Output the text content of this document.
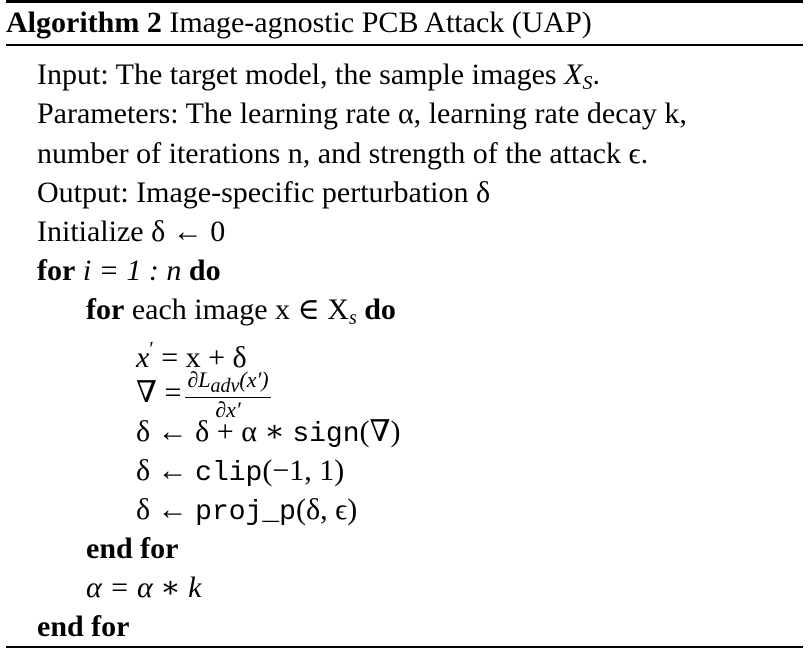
Algorithm 2 Image-agnostic PCB Attack (UAP)
Input: The target model, the sample images $X_S$.
Parameters: The learning rate α, learning rate decay k,
number of iterations n, and strength of the attack ϵ.
Output: Image-specific perturbation δ
Initialize δ ← 0
for i = 1 : n do
for each image x ∈ $X_s$ do
x′ = x + δ
∇ = $\frac{\text{∂Ladv(x′)}}{\partial x'}$
δ ← δ + α ∗ sign(∇)
δ ← clip(−1, 1)
δ ← proj_p(δ, ϵ)
end for
α = α ∗ k
end for
